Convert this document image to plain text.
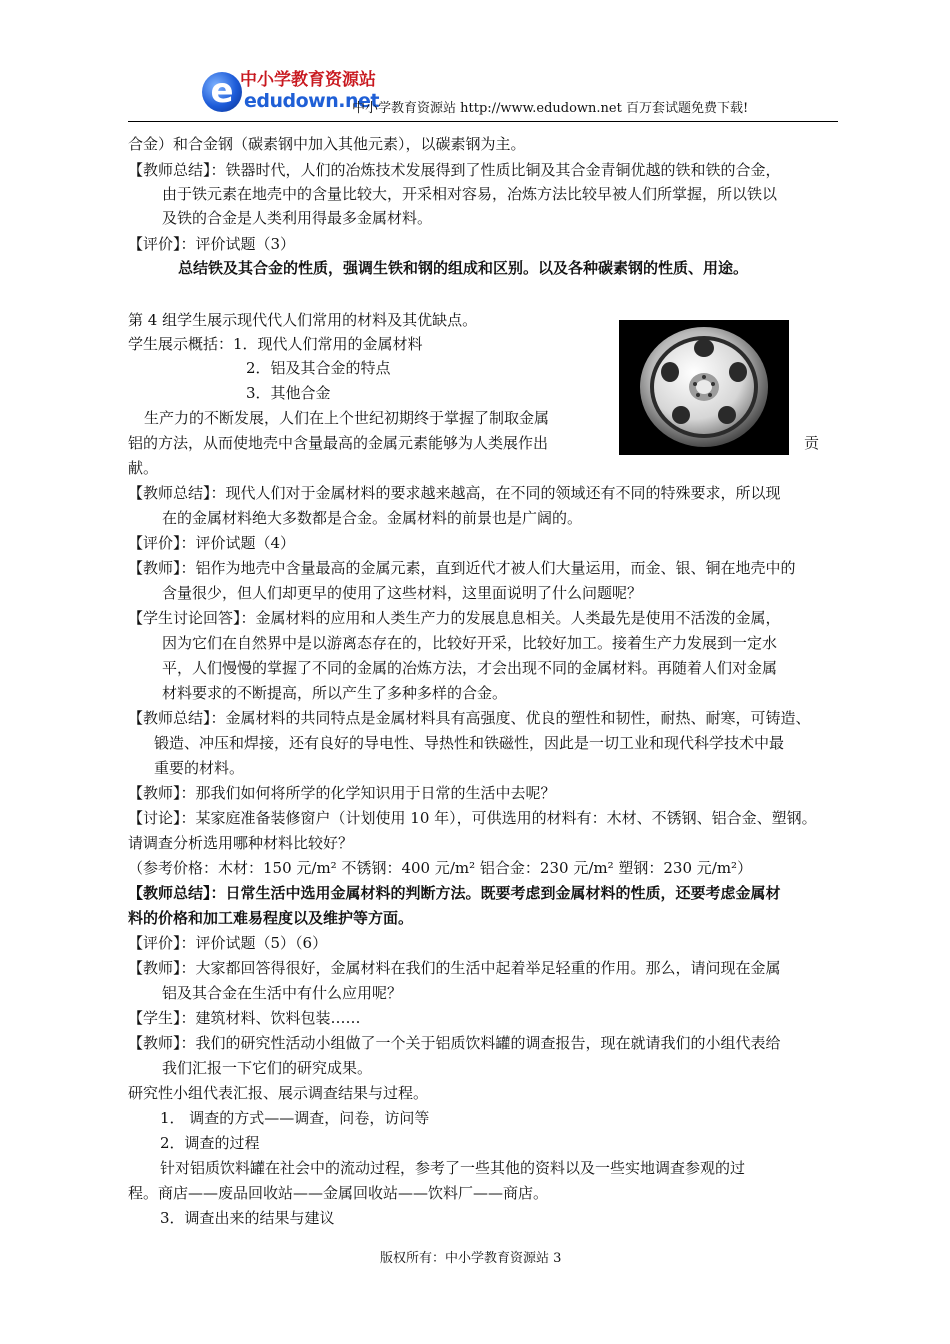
e 中小学教育资源站
edudown.net
中小学教育资源站 http://www.edudown.net 百万套试题免费下载!
合金）和合金钢（碳素钢中加入其他元素），以碳素钢为主。
【教师总结】：铁器时代，人们的冶炼技术发展得到了性质比铜及其合金青铜优越的铁和铁的合金，
由于铁元素在地壳中的含量比较大，开采相对容易，冶炼方法比较早被人们所掌握，所以铁以
及铁的合金是人类利用得最多金属材料。
【评价】：评价试题（3）
总结铁及其合金的性质，强调生铁和钢的组成和区别。以及各种碳素钢的性质、用途。
第 4 组学生展示现代代人们常用的材料及其优缺点。
学生展示概括：1．现代人们常用的金属材料
2．铝及其合金的特点
3．其他合金
生产力的不断发展，人们在上个世纪初期终于掌握了制取金属
铝的方法，从而使地壳中含量最高的金属元素能够为人类展作出	贡
献。
【教师总结】：现代人们对于金属材料的要求越来越高，在不同的领域还有不同的特殊要求，所以现
在的金属材料绝大多数都是合金。金属材料的前景也是广阔的。
【评价】：评价试题（4）
【教师】：铝作为地壳中含量最高的金属元素，直到近代才被人们大量运用，而金、银、铜在地壳中的
含量很少，但人们却更早的使用了这些材料，这里面说明了什么问题呢？
【学生讨论回答】：金属材料的应用和人类生产力的发展息息相关。人类最先是使用不活泼的金属，
因为它们在自然界中是以游离态存在的，比较好开采，比较好加工。接着生产力发展到一定水
平，人们慢慢的掌握了不同的金属的冶炼方法，才会出现不同的金属材料。再随着人们对金属
材料要求的不断提高，所以产生了多种多样的合金。
【教师总结】：金属材料的共同特点是金属材料具有高强度、优良的塑性和韧性，耐热、耐寒，可铸造、
锻造、冲压和焊接，还有良好的导电性、导热性和铁磁性，因此是一切工业和现代科学技术中最
重要的材料。
【教师】：那我们如何将所学的化学知识用于日常的生活中去呢？
【讨论】：某家庭准备装修窗户（计划使用 10 年），可供选用的材料有：木材、不锈钢、铝合金、塑钢。
请调查分析选用哪种材料比较好？
（参考价格：木材：150 元/m² 不锈钢：400 元/m² 铝合金：230 元/m² 塑钢：230 元/m²）
【教师总结】：日常生活中选用金属材料的判断方法。既要考虑到金属材料的性质，还要考虑金属材
料的价格和加工难易程度以及维护等方面。
【评价】：评价试题（5）（6）
【教师】：大家都回答得很好，金属材料在我们的生活中起着举足轻重的作用。那么，请问现在金属
铝及其合金在生活中有什么应用呢？
【学生】：建筑材料、饮料包装……
【教师】：我们的研究性活动小组做了一个关于铝质饮料罐的调查报告，现在就请我们的小组代表给
我们汇报一下它们的研究成果。
研究性小组代表汇报、展示调查结果与过程。
1． 调查的方式——调查，问卷，访问等
2．调查的过程
针对铝质饮料罐在社会中的流动过程，参考了一些其他的资料以及一些实地调查参观的过
程。商店——废品回收站——金属回收站——饮料厂——商店。
3．调查出来的结果与建议
版权所有：中小学教育资源站 3
